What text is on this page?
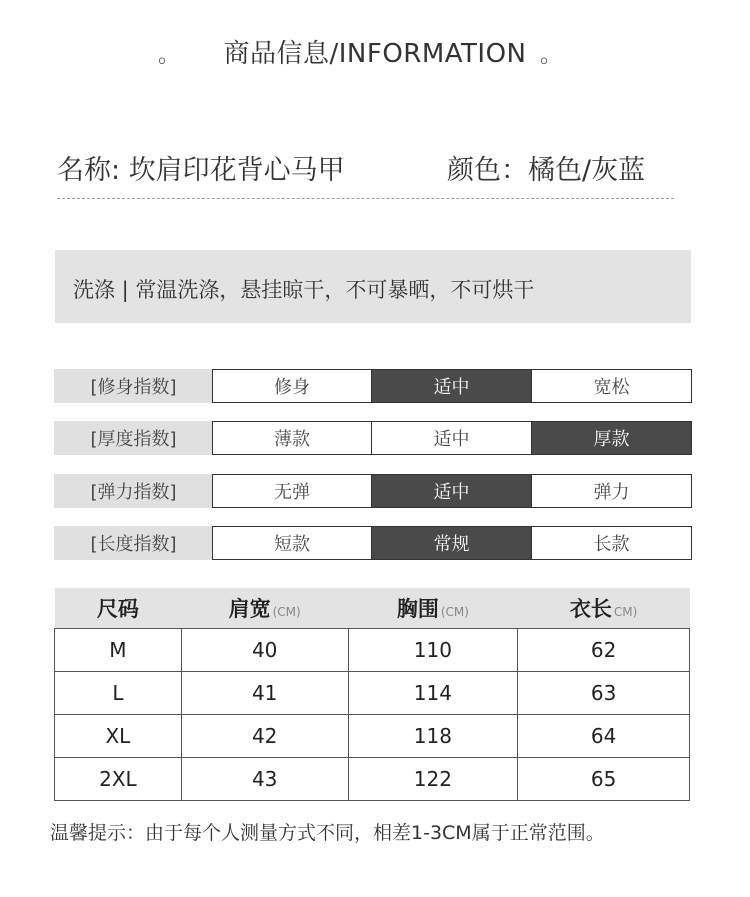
。	商品信息/INFORMATION 。
名称: 坎肩印花背心马甲	颜色：橘色/灰蓝
洗涤 | 常温洗涤，悬挂晾干，不可暴晒，不可烘干
[修身指数]	修身	适中	宽松
[厚度指数]	薄款	适中	厚款
[弹力指数]	无弹	适中	弹力
[长度指数]	短款	常规	长款
尺码	肩宽 (CM)	胸围 (CM)	衣长 CM)
M	40	110	62
L	41	114	63
XL	42	118	64
2XL	43	122	65
温馨提示：由于每个人测量方式不同，相差1-3CM属于正常范围。
